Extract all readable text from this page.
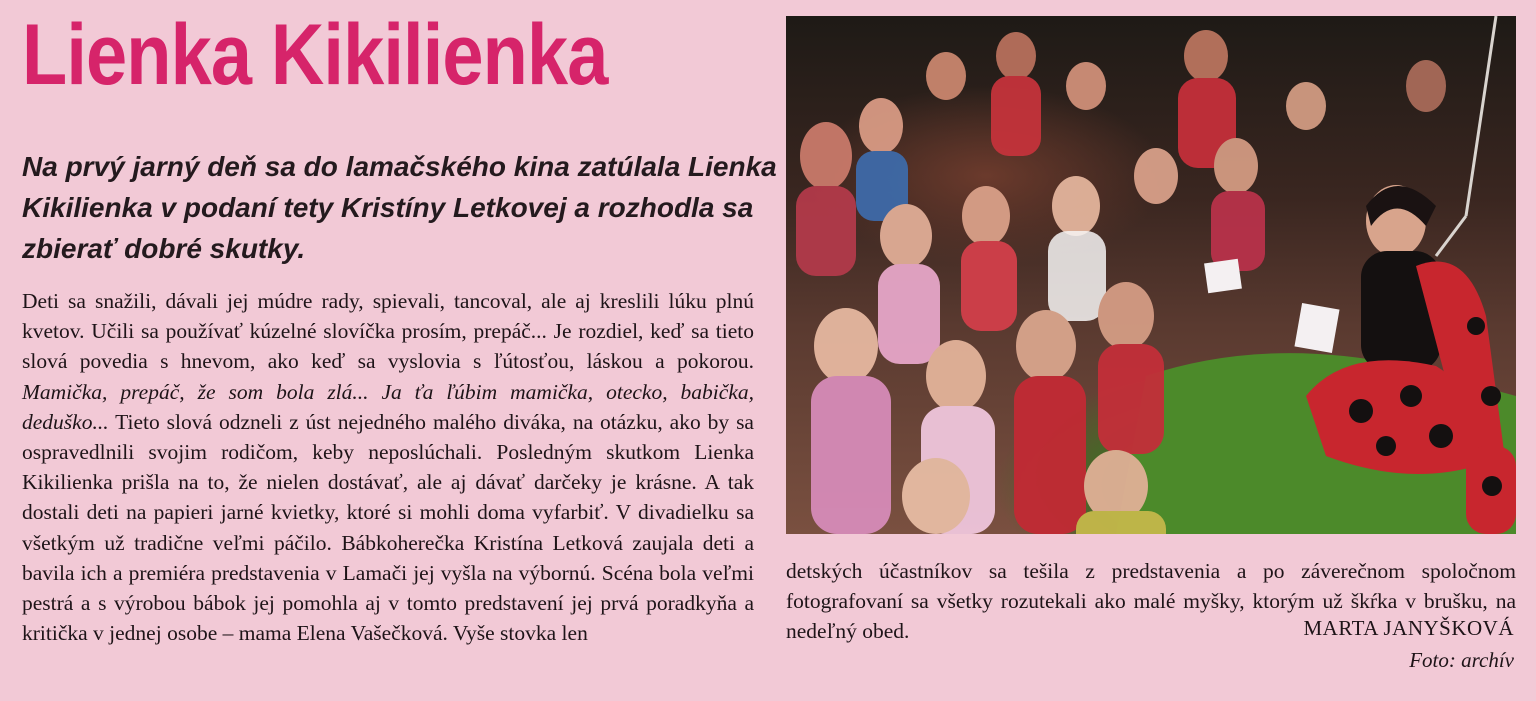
Lienka Kikilienka

Na prvý jarný deň sa do lamačského kina zatúlala Lienka Kikilienka v podaní tety Kristíny Letkovej a rozhodla sa zbierať dobré skutky.

Deti sa snažili, dávali jej múdre rady, spievali, tancoval, ale aj kreslili lúku plnú kvetov. Učili sa používať kúzelné slovíčka prosím, prepáč... Je rozdiel, keď sa tieto slová povedia s hnevom, ako keď sa vyslovia s ľútosťou, láskou a pokorou. Mamička, prepáč, že som bola zlá... Ja ťa ľúbim mamička, otecko, babička, deduško... Tieto slová odzneli z úst nejedného malého diváka, na otázku, ako by sa ospravedlnili svojim rodičom, keby neposlúchali. Posledným skutkom Lienka Kikilienka prišla na to, že nielen dostávať, ale aj dávať darčeky je krásne. A tak dostali deti na papieri jarné kvietky, ktoré si mohli doma vyfarbiť. V divadielku sa všetkým už tradične veľmi páčilo. Bábkoherečka Kristína Letková zaujala deti a bavila ich a premiéra predstavenia v Lamači jej vyšla na výbornú. Scéna bola veľmi pestrá a s výrobou bábok jej pomohla aj v tomto predstavení jej prvá poradkyňa a kritička v jednej osobe – mama Elena Vašečková. Vyše stovka len

detských účastníkov sa tešila z predstavenia a po záverečnom spoločnom fotografovaní sa všetky rozutekali ako malé myšky, ktorým už škŕka v brušku, na nedeľný obed.	MARTA JANYŠKOVÁ
Foto: archív
